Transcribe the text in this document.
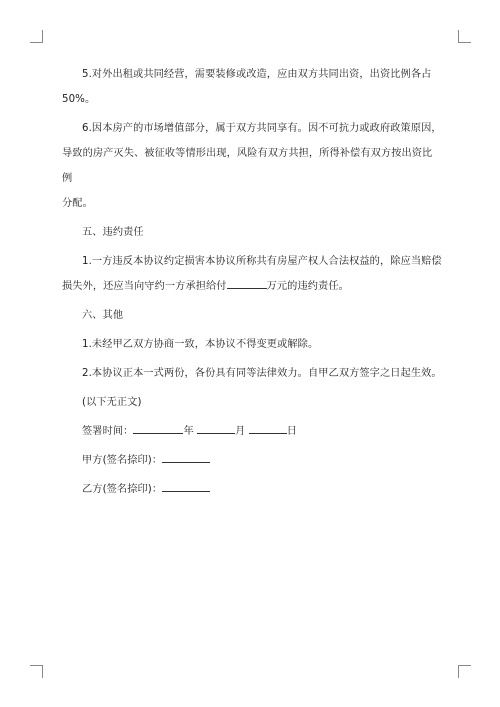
5.对外出租或共同经营，需要装修或改造，应由双方共同出资，出资比例各占

50%。

6.因本房产的市场增值部分，属于双方共同享有。因不可抗力或政府政策原因，

导致的房产灭失、被征收等情形出现，风险有双方共担，所得补偿有双方按出资比例

分配。

五、违约责任

1.一方违反本协议约定损害本协议所称共有房屋产权人合法权益的，除应当赔偿

损失外，还应当向守约一方承担给付	万元的违约责任。

六、其他

1.未经甲乙双方协商一致，本协议不得变更或解除。

2.本协议正本一式两份，各份具有同等法律效力。自甲乙双方签字之日起生效。

(以下无正文)

签署时间：	年	月	日

甲方(签名捺印)：

乙方(签名捺印)：
